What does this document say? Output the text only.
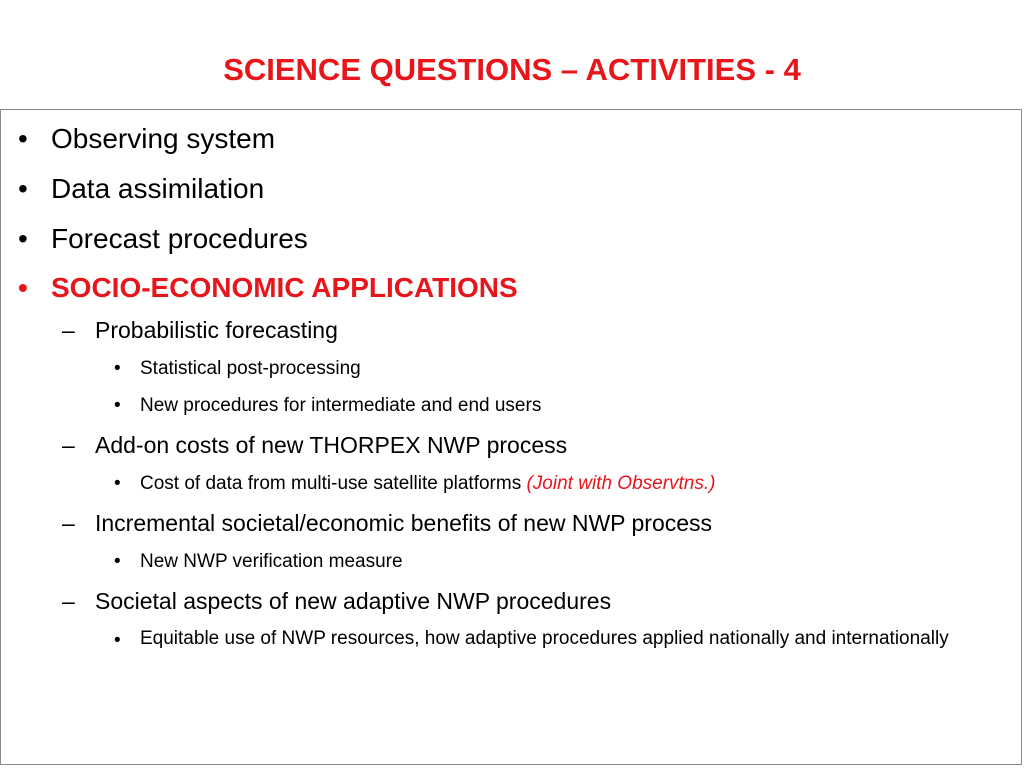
SCIENCE QUESTIONS – ACTIVITIES - 4
• Observing system
• Data assimilation
• Forecast procedures
• SOCIO-ECONOMIC APPLICATIONS
– Probabilistic forecasting
• Statistical post-processing
• New procedures for intermediate and end users
– Add-on costs of new THORPEX NWP process
• Cost of data from multi-use satellite platforms (Joint with Observtns.)
– Incremental societal/economic benefits of new NWP process
• New NWP verification measure
– Societal aspects of new adaptive NWP procedures
• Equitable use of NWP resources, how adaptive procedures applied nationally and internationally
